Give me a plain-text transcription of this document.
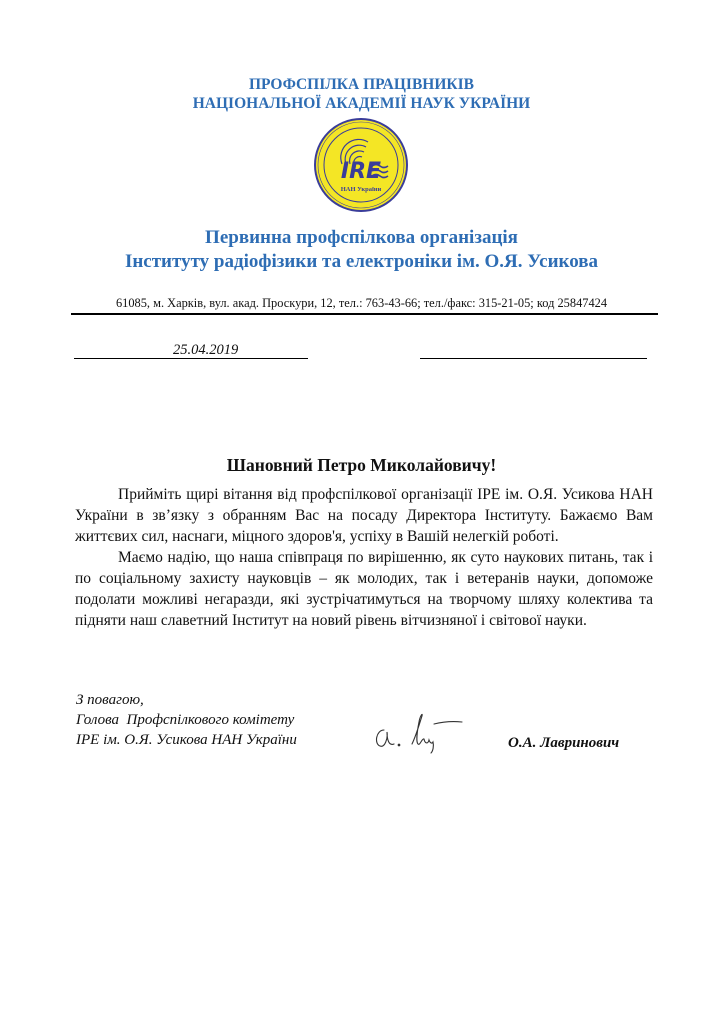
ПРОФСПІЛКА ПРАЦІВНИКІВ
НАЦІОНАЛЬНОЇ АКАДЕМІЇ НАУК УКРАЇНИ
IRE
НАН України
Первинна профспілкова організація
Інституту радіофізики та електроніки ім. О.Я. Усикова
61085, м. Харків, вул. акад. Проскури, 12, тел.: 763-43-66; тел./факс: 315-21-05; код 25847424
25.04.2019
Шановний Петро Миколайовичу!

Прийміть щирі вітання від профспілкової організації ІРЕ ім. О.Я. Усикова НАН України в зв’язку з обранням Вас на посаду Директора Інституту. Бажаємо Вам життєвих сил, наснаги, міцного здоров'я, успіху в Вашій нелегкій роботі.

Маємо надію, що наша співпраця по вирішенню, як суто наукових питань, так і по соціальному захисту науковців – як молодих, так і ветеранів науки, допоможе подолати можливі негаразди, які зустрічатимуться на творчому шляху колектива та підняти наш славетний Інститут на новий рівень вітчизняної і світової науки.

З повагою,
Голова  Профспілкового комітету
ІРЕ ім. О.Я. Усикова НАН України	О.А. Лавринович
